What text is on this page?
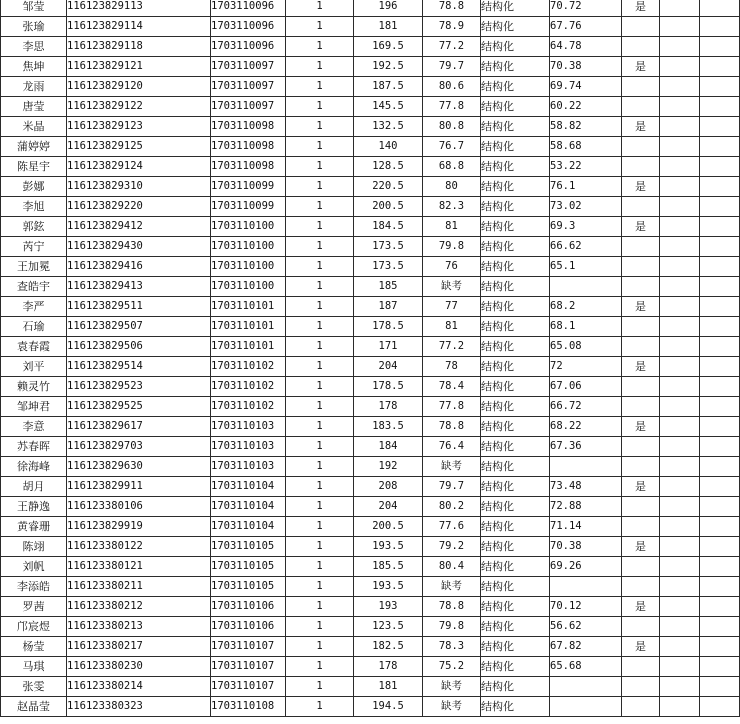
邹莹	116123829113	1703110096	1	196	78.8	结构化	70.72	是		
张瑜	116123829114	1703110096	1	181	78.9	结构化	67.76			
李思	116123829118	1703110096	1	169.5	77.2	结构化	64.78			
焦坤	116123829121	1703110097	1	192.5	79.7	结构化	70.38	是		
龙雨	116123829120	1703110097	1	187.5	80.6	结构化	69.74			
唐莹	116123829122	1703110097	1	145.5	77.8	结构化	60.22			
米晶	116123829123	1703110098	1	132.5	80.8	结构化	58.82	是		
蒲婷婷	116123829125	1703110098	1	140	76.7	结构化	58.68			
陈星宇	116123829124	1703110098	1	128.5	68.8	结构化	53.22			
彭娜	116123829310	1703110099	1	220.5	80	结构化	76.1	是		
李旭	116123829220	1703110099	1	200.5	82.3	结构化	73.02			
郭鉉	116123829412	1703110100	1	184.5	81	结构化	69.3	是		
芮宁	116123829430	1703110100	1	173.5	79.8	结构化	66.62			
王加冕	116123829416	1703110100	1	173.5	76	结构化	65.1			
查皓宇	116123829413	1703110100	1	185	缺考	结构化				
李严	116123829511	1703110101	1	187	77	结构化	68.2	是		
石瑜	116123829507	1703110101	1	178.5	81	结构化	68.1			
袁春霞	116123829506	1703110101	1	171	77.2	结构化	65.08			
刘平	116123829514	1703110102	1	204	78	结构化	72	是		
赖灵竹	116123829523	1703110102	1	178.5	78.4	结构化	67.06			
邹坤君	116123829525	1703110102	1	178	77.8	结构化	66.72			
李意	116123829617	1703110103	1	183.5	78.8	结构化	68.22	是		
苏春晖	116123829703	1703110103	1	184	76.4	结构化	67.36			
徐海峰	116123829630	1703110103	1	192	缺考	结构化				
胡月	116123829911	1703110104	1	208	79.7	结构化	73.48	是		
王静逸	116123380106	1703110104	1	204	80.2	结构化	72.88			
黄睿珊	116123829919	1703110104	1	200.5	77.6	结构化	71.14			
陈翊	116123380122	1703110105	1	193.5	79.2	结构化	70.38	是		
刘帆	116123380121	1703110105	1	185.5	80.4	结构化	69.26			
李添皓	116123380211	1703110105	1	193.5	缺考	结构化				
罗茜	116123380212	1703110106	1	193	78.8	结构化	70.12	是		
邝宸煜	116123380213	1703110106	1	123.5	79.8	结构化	56.62			
杨莹	116123380217	1703110107	1	182.5	78.3	结构化	67.82	是		
马琪	116123380230	1703110107	1	178	75.2	结构化	65.68			
张雯	116123380214	1703110107	1	181	缺考	结构化				
赵晶莹	116123380323	1703110108	1	194.5	缺考	结构化				
